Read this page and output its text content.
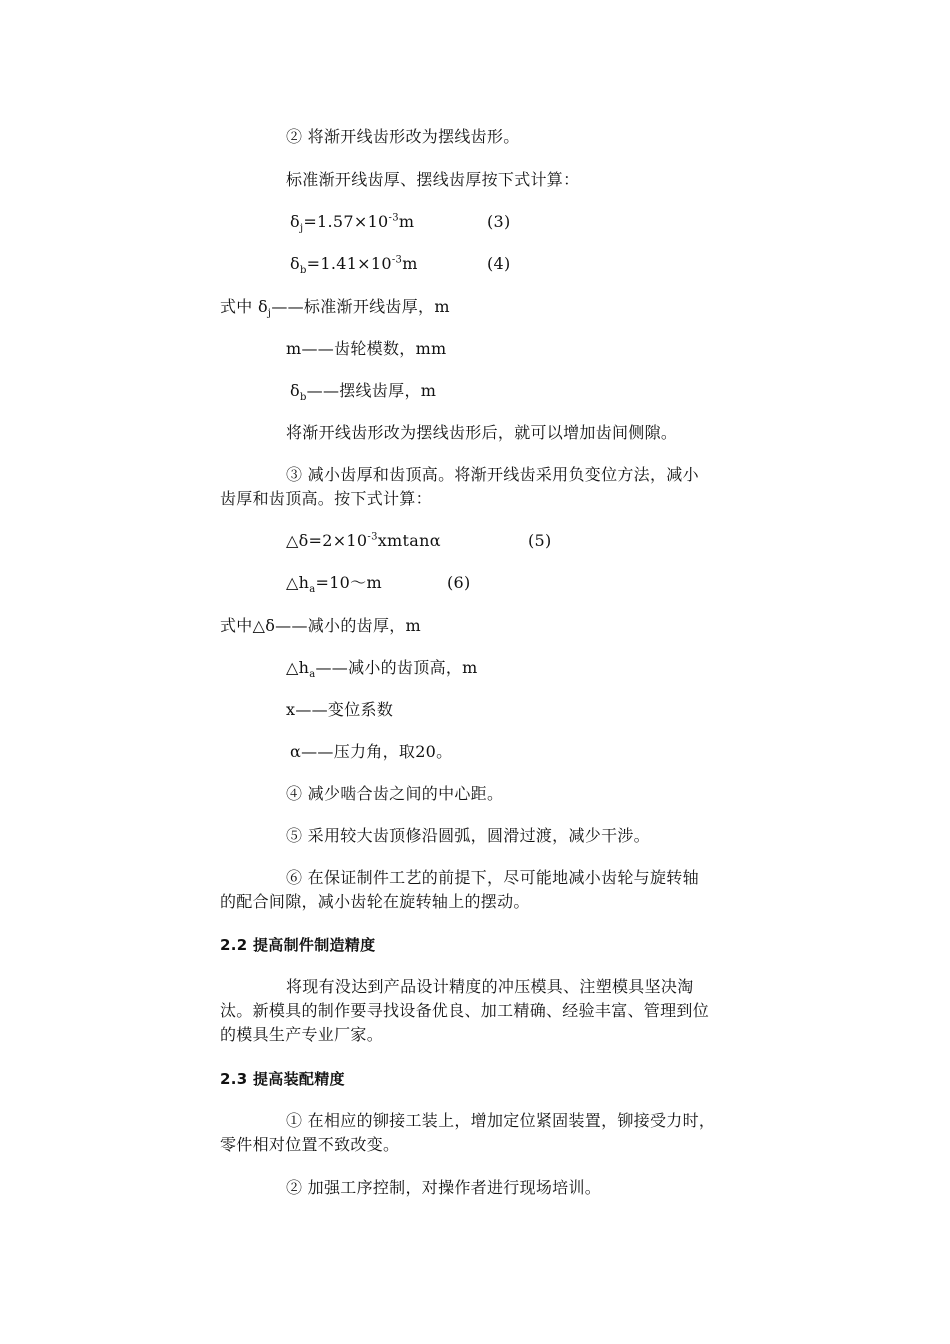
② 将渐开线齿形改为摆线齿形。
标准渐开线齿厚、摆线齿厚按下式计算：
$\delta_j=1.57\times 10^{-3}m$	(3)
$\delta_b=1.41\times 10^{-3}m$	(4)
式中 $\delta_j——$标准渐开线齿厚，m
m——齿轮模数，mm
$\delta_b——$摆线齿厚，m
将渐开线齿形改为摆线齿形后，就可以增加齿间侧隙。
③ 减小齿厚和齿顶高。将渐开线齿采用负变位方法，减小
齿厚和齿顶高。按下式计算：
$\triangle\delta=2\times 10^{-3}xmtan\alpha$	(5)
$\triangle h_a=10\sim m$	(6)
式中△δ——减小的齿厚，m
$\triangle h_a——$减小的齿顶高，m
x——变位系数
α——压力角，取20。
④ 减少啮合齿之间的中心距。
⑤ 采用较大齿顶修沿圆弧，圆滑过渡，减少干涉。
⑥ 在保证制件工艺的前提下，尽可能地减小齿轮与旋转轴
的配合间隙，减小齿轮在旋转轴上的摆动。
2.2 提高制件制造精度
将现有没达到产品设计精度的冲压模具、注塑模具坚决淘
汰。新模具的制作要寻找设备优良、加工精确、经验丰富、管理到位
的模具生产专业厂家。
2.3 提高装配精度
① 在相应的铆接工装上，增加定位紧固装置，铆接受力时，
零件相对位置不致改变。
② 加强工序控制，对操作者进行现场培训。
